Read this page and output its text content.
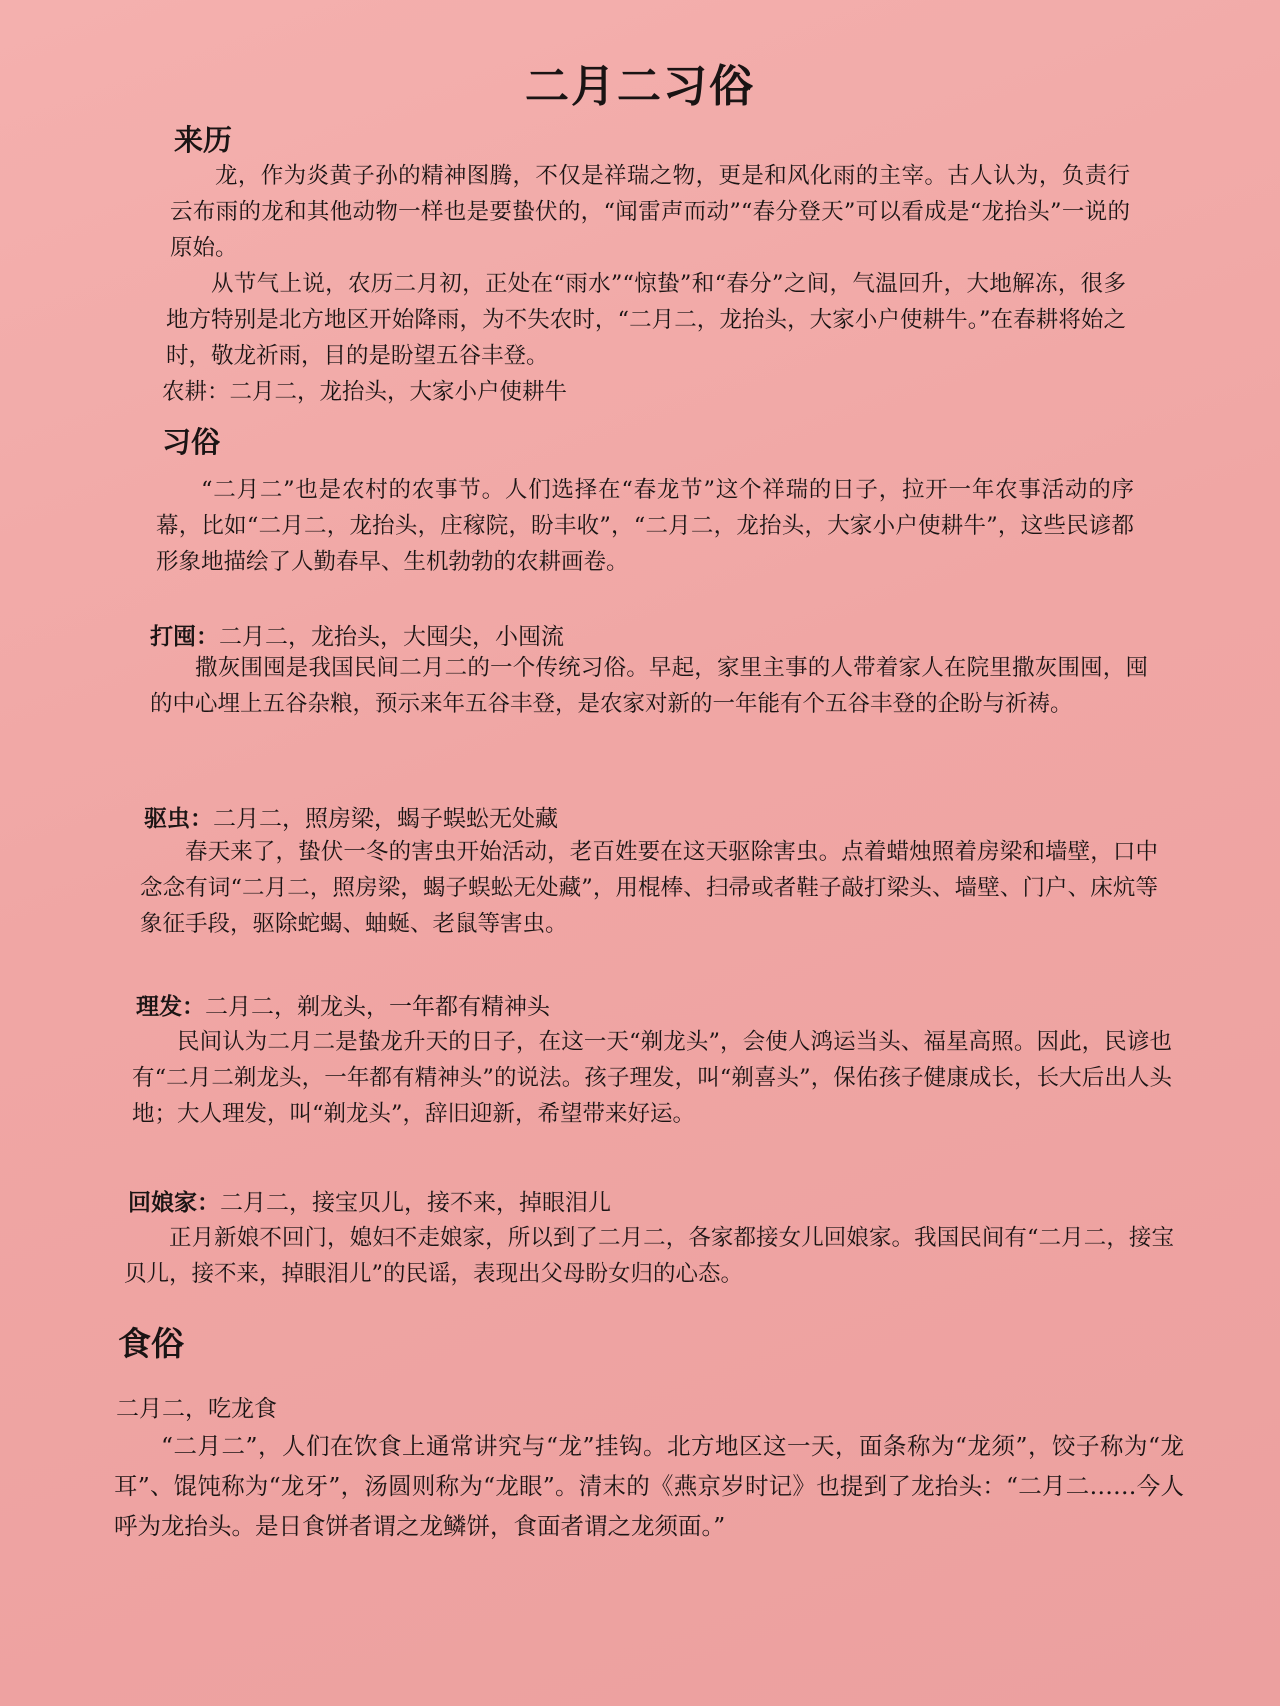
二月二习俗
来历

龙，作为炎黄子孙的精神图腾，不仅是祥瑞之物，更是和风化雨的主宰。古人认为，负责行云布雨的龙和其他动物一样也是要蛰伏的，“闻雷声而动”“春分登天”可以看成是“龙抬头”一说的原始。

从节气上说，农历二月初，正处在“雨水”“惊蛰”和“春分”之间，气温回升，大地解冻，很多地方特别是北方地区开始降雨，为不失农时，“二月二，龙抬头，大家小户使耕牛。”在春耕将始之时，敬龙祈雨，目的是盼望五谷丰登。

农耕：二月二，龙抬头，大家小户使耕牛

习俗

“二月二”也是农村的农事节。人们选择在“春龙节”这个祥瑞的日子，拉开一年农事活动的序幕，比如“二月二，龙抬头，庄稼院，盼丰收”，“二月二，龙抬头，大家小户使耕牛”，这些民谚都形象地描绘了人勤春早、生机勃勃的农耕画卷。

打囤：二月二，龙抬头，大囤尖，小囤流

撒灰围囤是我国民间二月二的一个传统习俗。早起，家里主事的人带着家人在院里撒灰围囤，囤的中心埋上五谷杂粮，预示来年五谷丰登，是农家对新的一年能有个五谷丰登的企盼与祈祷。

驱虫：二月二，照房梁，蝎子蜈蚣无处藏

春天来了，蛰伏一冬的害虫开始活动，老百姓要在这天驱除害虫。点着蜡烛照着房梁和墙壁，口中念念有词“二月二，照房梁，蝎子蜈蚣无处藏”，用棍棒、扫帚或者鞋子敲打梁头、墙壁、门户、床炕等象征手段，驱除蛇蝎、蚰蜒、老鼠等害虫。

理发：二月二，剃龙头，一年都有精神头

民间认为二月二是蛰龙升天的日子，在这一天“剃龙头”，会使人鸿运当头、福星高照。因此，民谚也有“二月二剃龙头，一年都有精神头”的说法。孩子理发，叫“剃喜头”，保佑孩子健康成长，长大后出人头地；大人理发，叫“剃龙头”，辞旧迎新，希望带来好运。

回娘家：二月二，接宝贝儿，接不来，掉眼泪儿

正月新娘不回门，媳妇不走娘家，所以到了二月二，各家都接女儿回娘家。我国民间有“二月二，接宝贝儿，接不来，掉眼泪儿”的民谣，表现出父母盼女归的心态。

食俗

二月二，吃龙食

“二月二”，人们在饮食上通常讲究与“龙”挂钩。北方地区这一天，面条称为“龙须”，饺子称为“龙耳”、馄饨称为“龙牙”，汤圆则称为“龙眼”。清末的《燕京岁时记》也提到了龙抬头：“二月二……今人呼为龙抬头。是日食饼者谓之龙鳞饼，食面者谓之龙须面。”
